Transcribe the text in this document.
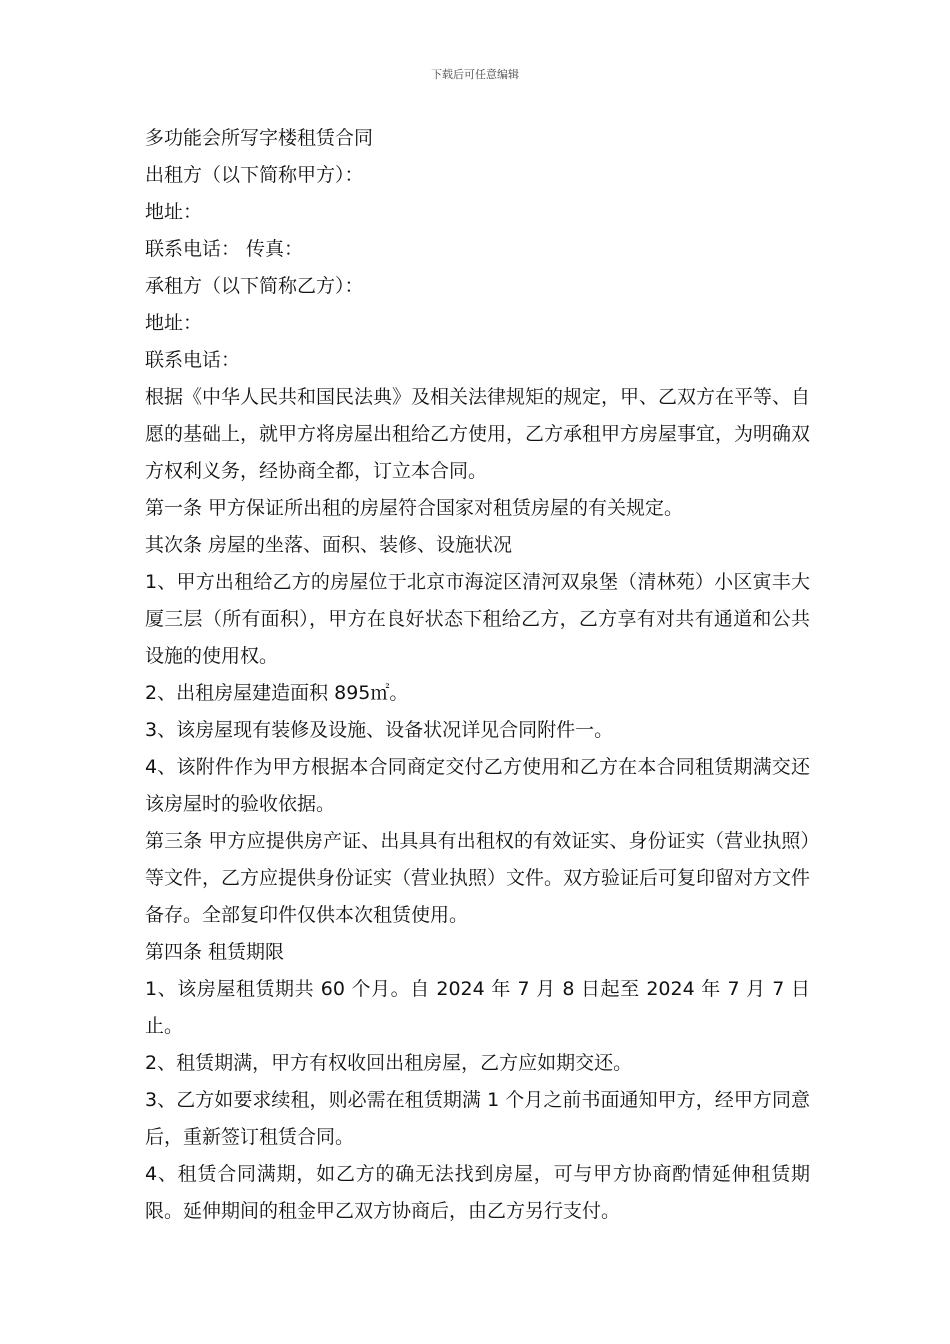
下载后可任意编辑

多功能会所写字楼租赁合同

出租方（以下简称甲方）：

地址：

联系电话： 传真：

承租方（以下简称乙方）：

地址：

联系电话：

根据《中华人民共和国民法典》及相关法律规矩的规定，甲、乙双方在平等、自愿的基础上，就甲方将房屋出租给乙方使用，乙方承租甲方房屋事宜，为明确双方权利义务，经协商全都，订立本合同。

第一条 甲方保证所出租的房屋符合国家对租赁房屋的有关规定。

其次条 房屋的坐落、面积、装修、设施状况

1、甲方出租给乙方的房屋位于北京市海淀区清河双泉堡（清林苑）小区寅丰大厦三层（所有面积），甲方在良好状态下租给乙方，乙方享有对共有通道和公共设施的使用权。

2、出租房屋建造面积 895㎡。

3、该房屋现有装修及设施、设备状况详见合同附件一。

4、该附件作为甲方根据本合同商定交付乙方使用和乙方在本合同租赁期满交还该房屋时的验收依据。

第三条 甲方应提供房产证、出具具有出租权的有效证实、身份证实（营业执照）等文件，乙方应提供身份证实（营业执照）文件。双方验证后可复印留对方文件备存。全部复印件仅供本次租赁使用。

第四条 租赁期限

1、该房屋租赁期共 60 个月。自 2024 年 7 月 8 日起至 2024 年 7 月 7 日止。

2、租赁期满，甲方有权收回出租房屋，乙方应如期交还。

3、乙方如要求续租，则必需在租赁期满 1 个月之前书面通知甲方，经甲方同意后，重新签订租赁合同。

4、租赁合同满期，如乙方的确无法找到房屋，可与甲方协商酌情延伸租赁期限。延伸期间的租金甲乙双方协商后，由乙方另行支付。
